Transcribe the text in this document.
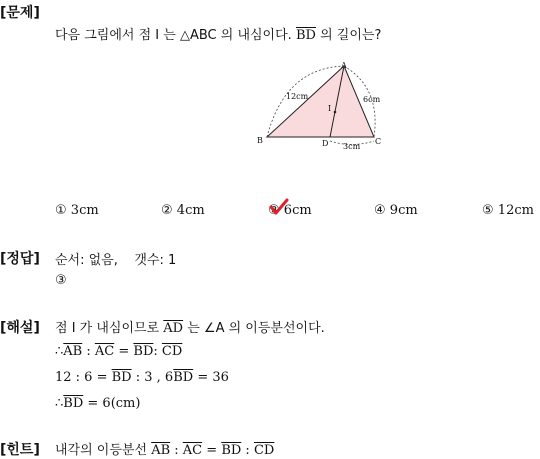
[문제]
다음 그림에서 점 I 는 △ABC 의 내심이다. $\overline{BD}$ 의 길이는?
A
B	C
D
I
12cm	6cm
3cm
① 3cm	② 4cm	③ 6cm	④ 9cm	⑤ 12cm
[정답] 순서: 없음,    갯수: 1
③
[해설] 점 I 가 내심이므로 $\overline{AD}$ 는 ∠A 의 이등분선이다.
$\therefore\overline{AB}$ : $\overline{AC} = \overline{BD}$: $\overline{CD}$
12 : $6 = \overline{BD}$ : 3 , $6\overline{BD} = 36$
$\therefore\overline{BD} = 6(cm)$
[힌트] 내각의 이등분선 $\overline{AB}$ : $\overline{AC} = \overline{BD}$ : $\overline{CD}$
